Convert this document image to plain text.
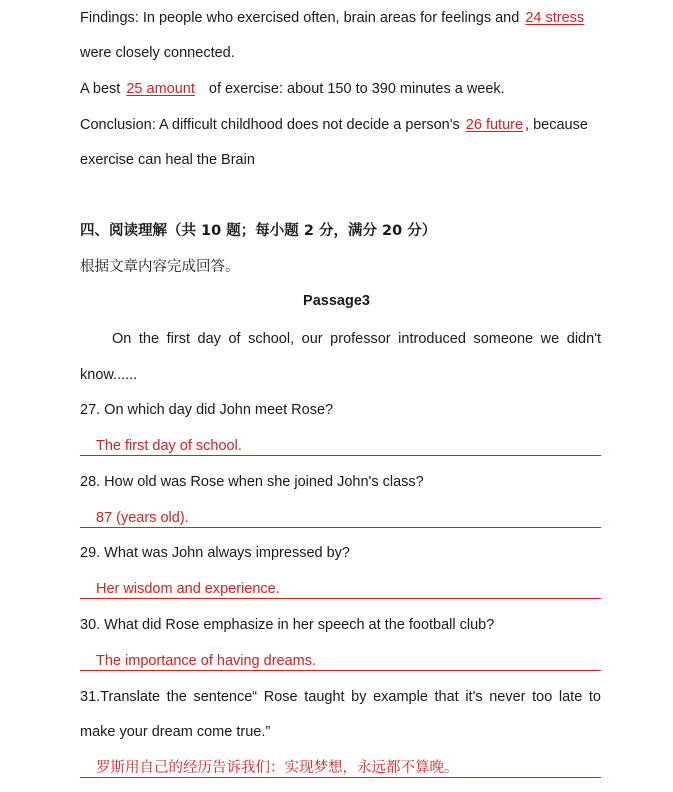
Findings: In people who exercised often, brain areas for feelings and 24 stress
were closely connected.
A best 25 amount of exercise: about 150 to 390 minutes a week.
Conclusion: A difficult childhood does not decide a person's 26 future , because
exercise can heal the Brain
四、阅读理解（共 10 题；每小题 2 分，满分 20 分）
根据文章内容完成回答。
Passage3
On the first day of school, our professor introduced someone we didn't
know......
27. On which day did John meet Rose?
The first day of school.
28. How old was Rose when she joined John's class?
87 (years old).
29. What was John always impressed by?
Her wisdom and experience.
30. What did Rose emphasize in her speech at the football club?
The importance of having dreams.
31.Translate the sentence“ Rose taught by example that it's never too late to
make your dream come true.”
罗斯用自己的经历告诉我们：实现梦想，永远都不算晚。
